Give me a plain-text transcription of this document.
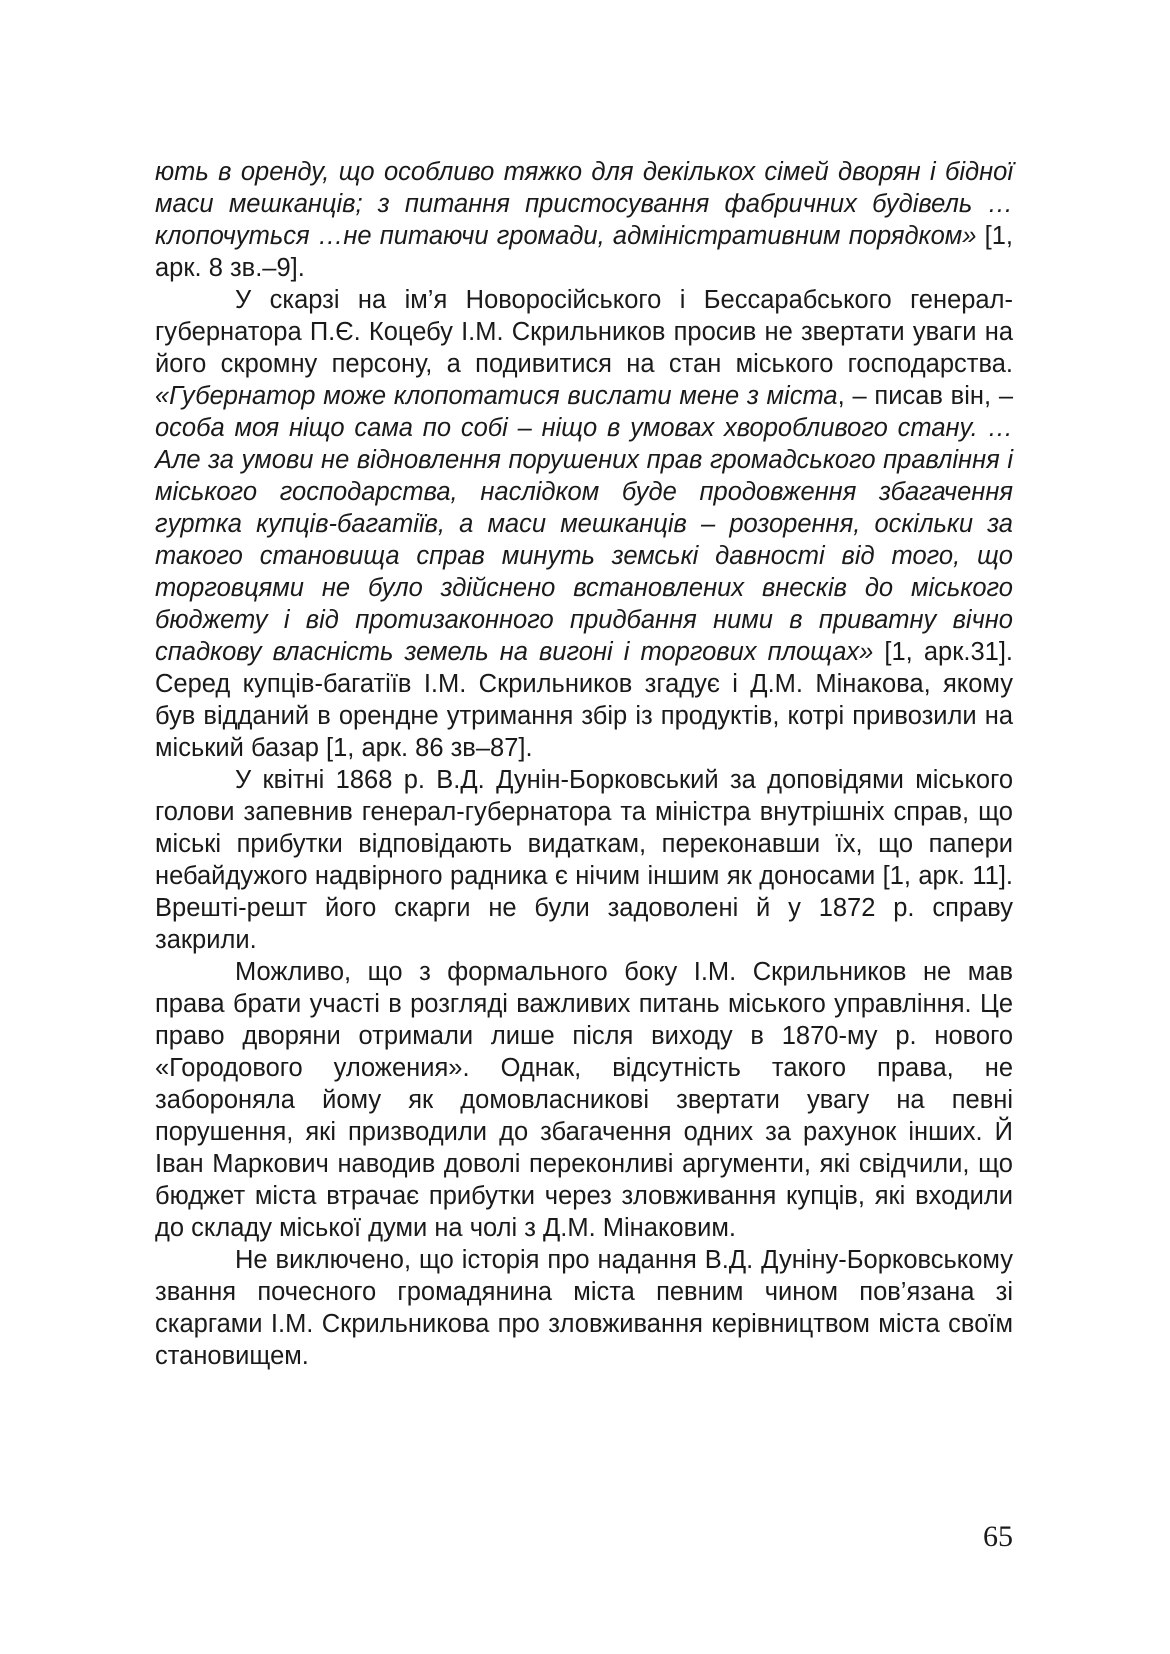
ють в оренду, що особливо тяжко для декількох сімей дворян і бідної маси мешканців; з питання пристосування фабричних будівель …клопочуться …не питаючи громади, адміністративним порядком» [1, арк. 8 зв.–9].

У скарзі на ім’я Новоросійського і Бессарабського генерал-губернатора П.Є. Коцебу І.М. Скрильников просив не звертати уваги на його скромну персону, а подивитися на стан міського господарства. «Губернатор може клопотатися вислати мене з міста, – писав він, – особа моя ніщо сама по собі – ніщо в умовах хворобливого стану. …Але за умови не відновлення порушених прав громадського правління і міського господарства, наслідком буде продовження збагачення гуртка купців-багатіїв, а маси мешканців – розорення, оскільки за такого становища справ минуть земські давності від того, що торговцями не було здійснено встановлених внесків до міського бюджету і від протизаконного придбання ними в приватну вічно спадкову власність земель на вигоні і торгових площах» [1, арк.31]. Серед купців-багатіїв І.М. Скрильников згадує і Д.М. Мінакова, якому був відданий в орендне утримання збір із продуктів, котрі привозили на міський базар [1, арк. 86 зв–87].

У квітні 1868 р. В.Д. Дунін-Борковський за доповідями міського голови запевнив генерал-губернатора та міністра внутрішніх справ, що міські прибутки відповідають видаткам, переконавши їх, що папери небайдужого надвірного радника є нічим іншим як доносами [1, арк. 11]. Врешті-решт його скарги не були задоволені й у 1872 р. справу закрили.

Можливо, що з формального боку І.М. Скрильников не мав права брати участі в розгляді важливих питань міського управління. Це право дворяни отримали лише після виходу в 1870-му р. нового «Городового уложения». Однак, відсутність такого права, не забороняла йому як домовласникові звертати увагу на певні порушення, які призводили до збагачення одних за рахунок інших. Й Іван Маркович наводив доволі переконливі аргументи, які свідчили, що бюджет міста втрачає прибутки через зловживання купців, які входили до складу міської думи на чолі з Д.М. Мінаковим.

Не виключено, що історія про надання В.Д. Дуніну-Борковському звання почесного громадянина міста певним чином пов’язана зі скаргами І.М. Скрильникова про зловживання керівництвом міста своїм становищем.

65
